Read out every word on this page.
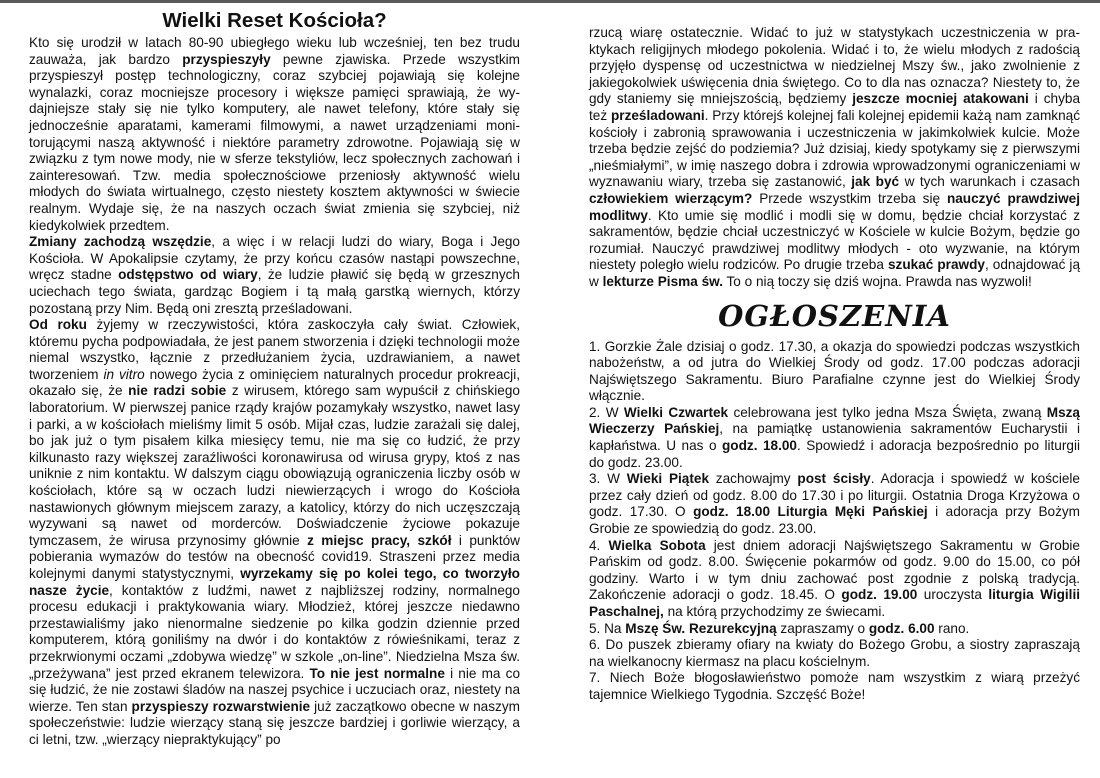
Wielki Reset Kościoła?

Kto się urodził w latach 80-90 ubiegłego wieku lub wcześniej, ten bez trudu zauważa, jak bardzo przyspieszyły pewne zjawiska. Przede wszystkim przyspieszył postęp technologiczny, coraz szybciej pojawiają się kolejne wynalazki, coraz mocniejsze procesory i większe pamięci sprawiają, że wydajniejsze stały się nie tylko komputery, ale nawet telefony, które stały się jednocześnie aparatami, kamerami filmowymi, a nawet urządzeniami monitorującymi naszą aktywność i niektóre parametry zdrowotne. Pojawiają się w związku z tym nowe mody, nie w sferze tekstyliów, lecz społecznych zachowań i zainteresowań. Tzw. media społecznościowe przeniosły aktywność wielu młodych do świata wirtualnego, często niestety kosztem aktywności w świecie realnym. Wydaje się, że na naszych oczach świat zmienia się szybciej, niż kiedykolwiek przedtem.

Zmiany zachodzą wszędzie, a więc i w relacji ludzi do wiary, Boga i Jego Kościoła. W Apokalipsie czytamy, że przy końcu czasów nastąpi powszechne, wręcz stadne odstępstwo od wiary, że ludzie pławić się będą w grzesznych uciechach tego świata, gardząc Bogiem i tą małą garstką wiernych, którzy pozostaną przy Nim. Będą oni zresztą prześladowani.

Od roku żyjemy w rzeczywistości, która zaskoczyła cały świat. Człowiek, któremu pycha podpowiadała, że jest panem stworzenia i dzięki technologii może niemal wszystko, łącznie z przedłużaniem życia, uzdrawianiem, a nawet tworzeniem in vitro nowego życia z ominięciem naturalnych procedur prokreacji, okazało się, że nie radzi sobie z wirusem, którego sam wypuścił z chińskiego laboratorium. W pierwszej panice rządy krajów pozamykały wszystko, nawet lasy i parki, a w kościołach mieliśmy limit 5 osób. Mijał czas, ludzie zarażali się dalej, bo jak już o tym pisałem kilka miesięcy temu, nie ma się co łudzić, że przy kilkunasto razy większej zaraźliwości koronawirusa od wirusa grypy, ktoś z nas uniknie z nim kontaktu. W dalszym ciągu obowiązują ograniczenia liczby osób w kościołach, które są w oczach ludzi niewierzących i wrogo do Kościoła nastawionych głównym miejscem zarazy, a katolicy, którzy do nich uczęszczają wyzywani są nawet od morderców. Doświadczenie życiowe pokazuje tymczasem, że wirusa przynosimy głównie z miejsc pracy, szkół i punktów pobierania wymazów do testów na obecność covid19. Straszeni przez media kolejnymi danymi statystycznymi, wyrzekamy się po kolei tego, co tworzyło nasze życie, kontaktów z ludźmi, nawet z najbliższej rodziny, normalnego procesu edukacji i praktykowania wiary. Młodzież, której jeszcze niedawno przestawialiśmy jako nienormalne siedzenie po kilka godzin dziennie przed komputerem, którą goniliśmy na dwór i do kontaktów z rówieśnikami, teraz z przekrwionymi oczami „zdobywa wiedzę” w szkole „on-line”. Niedzielna Msza św. „przeżywana” jest przed ekranem telewizora. To nie jest normalne i nie ma co się łudzić, że nie zostawi śladów na naszej psychice i uczuciach oraz, niestety na wierze. Ten stan przyspieszy rozwarstwienie już zaczątkowo obecne w naszym społeczeństwie: ludzie wierzący staną się jeszcze bardziej i gorliwie wierzący, a ci letni, tzw. „wierzący niepraktykujący” po

rzucą wiarę ostatecznie. Widać to już w statystykach uczestniczenia w praktykach religijnych młodego pokolenia. Widać i to, że wielu młodych z radością przyjęło dyspensę od uczestnictwa w niedzielnej Mszy św., jako zwolnienie z jakiegokolwiek uświęcenia dnia świętego. Co to dla nas oznacza? Niestety to, że gdy staniemy się mniejszością, będziemy jeszcze mocniej atakowani i chyba też prześladowani. Przy którejś kolejnej fali kolejnej epidemii każą nam zamknąć kościoły i zabronią sprawowania i uczestniczenia w jakimkolwiek kulcie. Może trzeba będzie zejść do podziemia? Już dzisiaj, kiedy spotykamy się z pierwszymi „nieśmiałymi”, w imię naszego dobra i zdrowia wprowadzonymi ograniczeniami w wyznawaniu wiary, trzeba się zastanowić, jak być w tych warunkach i czasach człowiekiem wierzącym? Przede wszystkim trzeba się nauczyć prawdziwej modlitwy. Kto umie się modlić i modli się w domu, będzie chciał korzystać z sakramentów, będzie chciał uczestniczyć w Kościele w kulcie Bożym, będzie go rozumiał. Nauczyć prawdziwej modlitwy młodych - oto wyzwanie, na którym niestety poległo wielu rodziców. Po drugie trzeba szukać prawdy, odnajdować ją w lekturze Pisma św. To o nią toczy się dziś wojna. Prawda nas wyzwoli!

OGŁOSZENIA

1. Gorzkie Żale dzisiaj o godz. 17.30, a okazja do spowiedzi podczas wszystkich nabożeństw, a od jutra do Wielkiej Środy od godz. 17.00 podczas adoracji Najświętszego Sakramentu. Biuro Parafialne czynne jest do Wielkiej Środy włącznie.

2. W Wielki Czwartek celebrowana jest tylko jedna Msza Święta, zwaną Mszą Wieczerzy Pańskiej, na pamiątkę ustanowienia sakramentów Eucharystii i kapłaństwa. U nas o godz. 18.00. Spowiedź i adoracja bezpośrednio po liturgii do godz. 23.00.

3. W Wieki Piątek zachowajmy post ścisły. Adoracja i spowiedź w kościele przez cały dzień od godz. 8.00 do 17.30 i po liturgii. Ostatnia Droga Krzyżowa o godz. 17.30. O godz. 18.00 Liturgia Męki Pańskiej i adoracja przy Bożym Grobie ze spowiedzią do godz. 23.00.

4. Wielka Sobota jest dniem adoracji Najświętszego Sakramentu w Grobie Pańskim od godz. 8.00. Święcenie pokarmów od godz. 9.00 do 15.00, co pół godziny. Warto i w tym dniu zachować post zgodnie z polską tradycją. Zakończenie adoracji o godz. 18.45. O godz. 19.00 uroczysta liturgia Wigilii Paschalnej, na którą przychodzimy ze świecami.

5. Na Mszę Św. Rezurekcyjną zapraszamy o godz. 6.00 rano.

6. Do puszek zbieramy ofiary na kwiaty do Bożego Grobu, a siostry zapraszają na wielkanocny kiermasz na placu kościelnym.

7. Niech Boże błogosławieństwo pomoże nam wszystkim z wiarą przeżyć tajemnice Wielkiego Tygodnia. Szczęść Boże!
